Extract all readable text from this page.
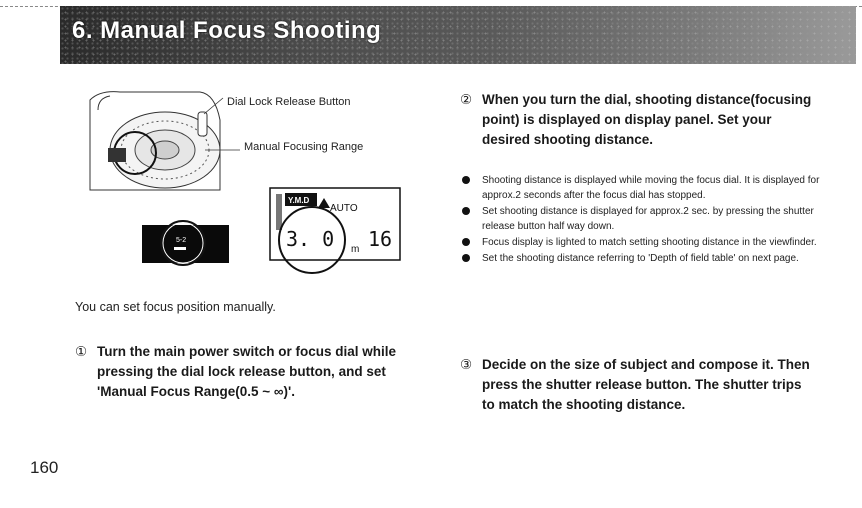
6. Manual Focus Shooting
5-2
Y.M.D
AUTO
3. 0 m 16
Dial Lock Release Button
Manual Focusing Range
You can set focus position manually.
① Turn the main power switch or focus dial while pressing the dial lock release button, and set 'Manual Focus Range(0.5 ~ ∞)'.
② When you turn the dial, shooting distance(focusing point) is displayed on display panel. Set your desired shooting distance.
Shooting distance is displayed while moving the focus dial. It is displayed for approx.2 seconds after the focus dial has stopped.
Set shooting distance is displayed for approx.2 sec. by pressing the shutter release button half way down.
Focus display is lighted to match setting shooting distance in the viewfinder.
Set the shooting distance referring to 'Depth of field table' on next page.
③ Decide on the size of subject and compose it. Then press the shutter release button. The shutter trips to match the shooting distance.
160
